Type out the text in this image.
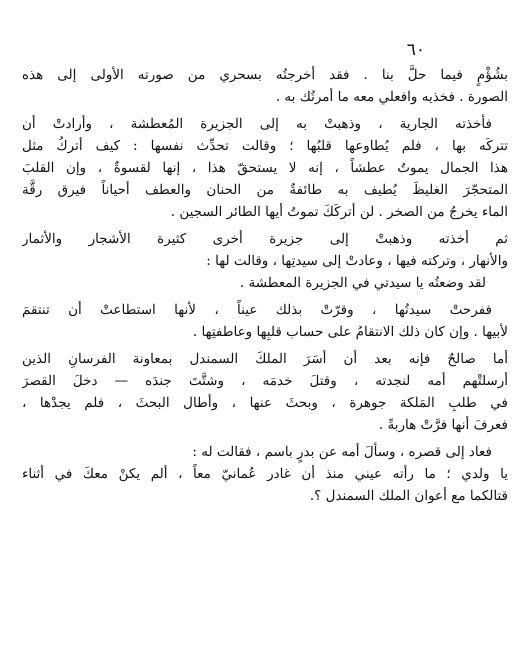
٦٠
بشُؤْمٍ فيما حلَّ بنا . فقد أخرجتُه بسحري من صورته الأولى إلى هذه
الصورة . فخذيه وافعلي معه ما أمرتُك به .
فأخذته الجارية ، وذهبتْ به إلى الجزيرة المُعطشة ، وأرادتْ أن
تتركَه بها ، فلم يُطاوعها قلبُها ؛ وقالت تحدِّث نفسها : كيف أتركُ مثل
هذا الجمال يموتُ عطشاً ، إنه لا يستحقّ هذا ، إنها لقسوةٌ ، وإن القلبَ
المتحجّرَ الغليظَ يُطيف به طائفةٌ من الحنان والعطف أحياناً فيرق رقَّة
الماء يخرجُ من الصخر . لن أتركَكَ تموتُ أيها الطائر السجين .
ثم أخذته وذهبتْ إلى جزيرة أخرى كثيرة الأشجار والأثمار
والأنهار ، وتركته فيها ، وعادتْ إلى سيدتِها ، وقالت لها :
لقد وضعتُه يا سيدتي في الجزيرة المعطشة .
ففرحتْ سيدتُها ، وقرّتْ بذلك عيناً ، لأنها استطاعتْ أن تنتقمَ
لأبيها . وإن كان ذلك الانتقامُ على حساب قلبِها وعاطفتِها .
أما صالحٌ فإنه بعد أن أسَرَ الملكَ السمندل بمعاونة الفرسانِ الذين
أرسلتْهم أمه لنجدته ، وقتلَ خدمَه ، وشتَّتَ جندَه — دخلَ القصرَ
في طلبِ المَلكة جوهرة ، وبحثَ عنها ، وأطال البحثَ ، فلم يجدْها ،
فعرفَ أنها فرَّتْ هاربةً .
فعاد إلى قصره ، وسألَ أمه عن بدرٍ باسم ، فقالت له :
يا ولدي ؛ ما رأته عيني منذ أن غادر عُمانيّ معاً ، ألم يكنْ معكَ في أثناء
قتالكما مع أعوان الملك السمندل ؟.
